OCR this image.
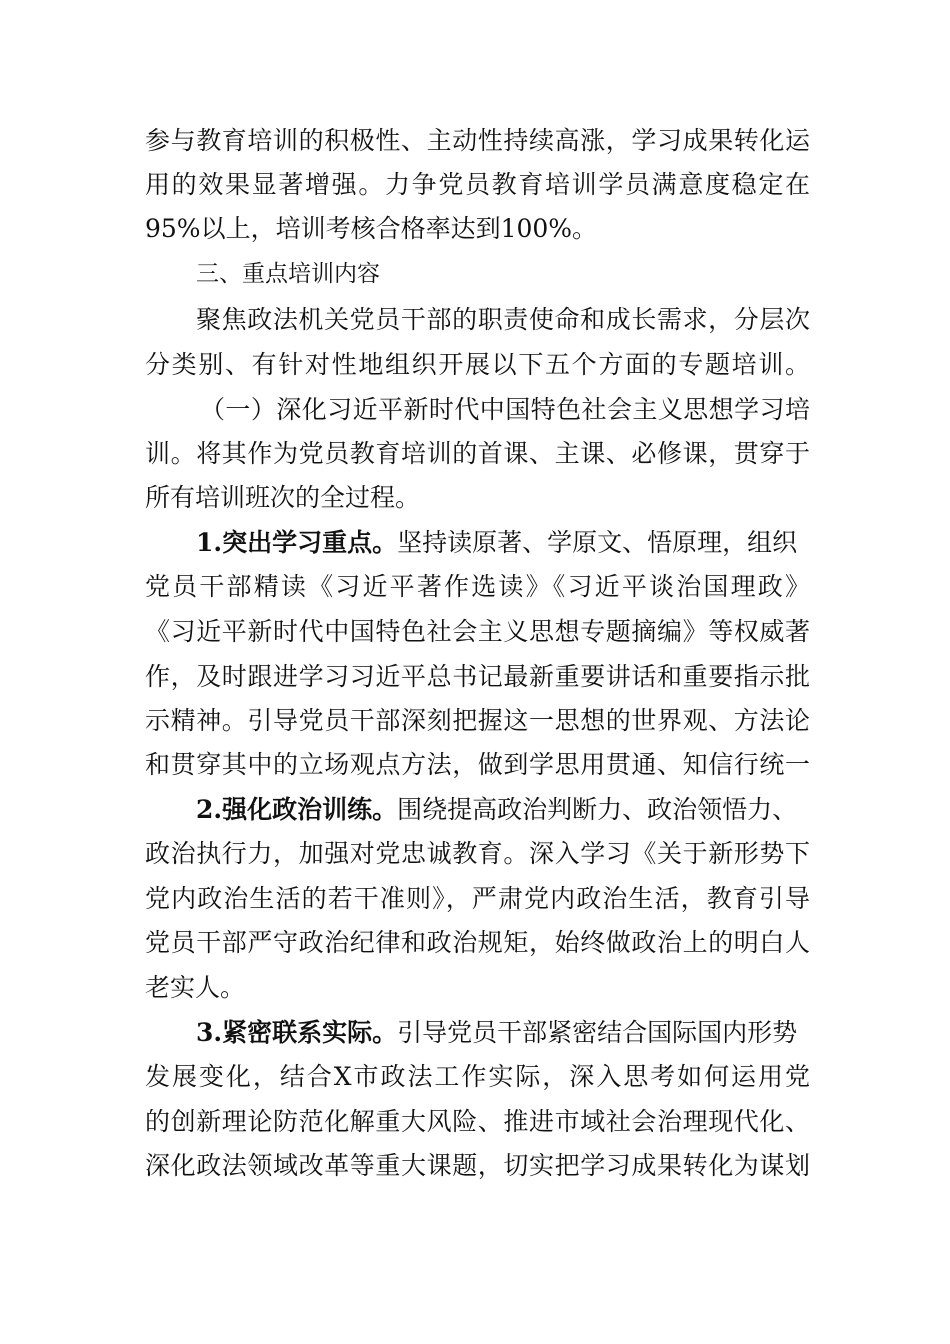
参与教育培训的积极性、主动性持续高涨，学习成果转化运
用的效果显著增强。力争党员教育培训学员满意度稳定在
95%以上，培训考核合格率达到100%。
三、重点培训内容
聚焦政法机关党员干部的职责使命和成长需求，分层次
分类别、有针对性地组织开展以下五个方面的专题培训。
（一）深化习近平新时代中国特色社会主义思想学习培
训。将其作为党员教育培训的首课、主课、必修课，贯穿于
所有培训班次的全过程。
1.突出学习重点。坚持读原著、学原文、悟原理，组织
党员干部精读《习近平著作选读》《习近平谈治国理政》
《习近平新时代中国特色社会主义思想专题摘编》等权威著
作，及时跟进学习习近平总书记最新重要讲话和重要指示批
示精神。引导党员干部深刻把握这一思想的世界观、方法论
和贯穿其中的立场观点方法，做到学思用贯通、知信行统一
2.强化政治训练。围绕提高政治判断力、政治领悟力、
政治执行力，加强对党忠诚教育。深入学习《关于新形势下
党内政治生活的若干准则》，严肃党内政治生活，教育引导
党员干部严守政治纪律和政治规矩，始终做政治上的明白人
老实人。
3.紧密联系实际。引导党员干部紧密结合国际国内形势
发展变化，结合X市政法工作实际，深入思考如何运用党
的创新理论防范化解重大风险、推进市域社会治理现代化、
深化政法领域改革等重大课题，切实把学习成果转化为谋划
